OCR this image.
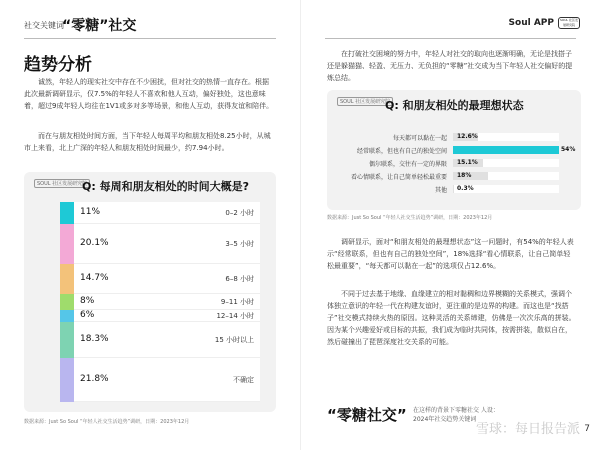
社交关键词
“零糖”社交
趋势分析

诚然，年轻人的现实社交中存在不少困扰，但对社交的热情一直存在。根据此次最新调研显示，仅7.5%的年轻人不喜欢和他人互动，偏好独处，这也意味着，超过9成年轻人均往在1V1或多对多等场景，和他人互动，获得友谊和陪伴。

而在与朋友相处时间方面，当下年轻人每周平均和朋友相处8.25小时，从城市上来看，北上广深的年轻人和朋友相处时间最少，约7.94小时。

SOUL 社区发展研究院
Q: 每周和朋友相处的时间大概是?
11%	0–2 小时
20.1%	3–5 小时
14.7%	6–8 小时
8%	9–11 小时
6%	12–14 小时
18.3%	15 小时以上
21.8%	不确定
数据来源：Just So Soul “年轻人社交生活趋势”调研，日期：2023年12月
Soul APP	SOUL 社区发展研究院

在打破社交困境的努力中，年轻人对社交的取向也逐渐明确，无论是找搭子还是躲猫猫、轻盈、无压力、无负担的“零糖”社交成为当下年轻人社交偏好的提炼总结。

SOUL 社区发展研究院
Q: 和朋友相处的最理想状态
每天都可以黏在一起 12.6%
经常联系，但也有自己的独处空间	54%
偶尔联系，交往有一定的界限 15.1%
看心情联系，让自己简单轻松最重要 18%
其他 0.3%
数据来源：Just So Soul “年轻人社交生活趋势”调研，日期：2023年12月

调研显示，面对“和朋友相处的最理想状态”这一问题时，有54%的年轻人表示“经常联系，但也有自己的独处空间”，18%选择“看心情联系，让自己简单轻松最重要”，“每天都可以黏在一起”的选项仅占12.6%。

不同于过去基于地缘、血缘建立的相对黏稠和边界模糊的关系模式，强调个体独立意识的年轻一代在构建友谊时，更注重的是边界的构建。而这也是“找搭子”社交模式持续火热的原因。这种灵活的关系缔建，仿佛是一次次乐高的拼装。因为某个兴趣爱好或目标的共振，我们成为临时共同体，按需拼装，散似自在，然后碰撞出了琵琶深度社交关系的可能。

“零糖社交” 在这样的背景下零糖社交 人设：2024年社交趋势关键词
雪球：每日报告派 7
